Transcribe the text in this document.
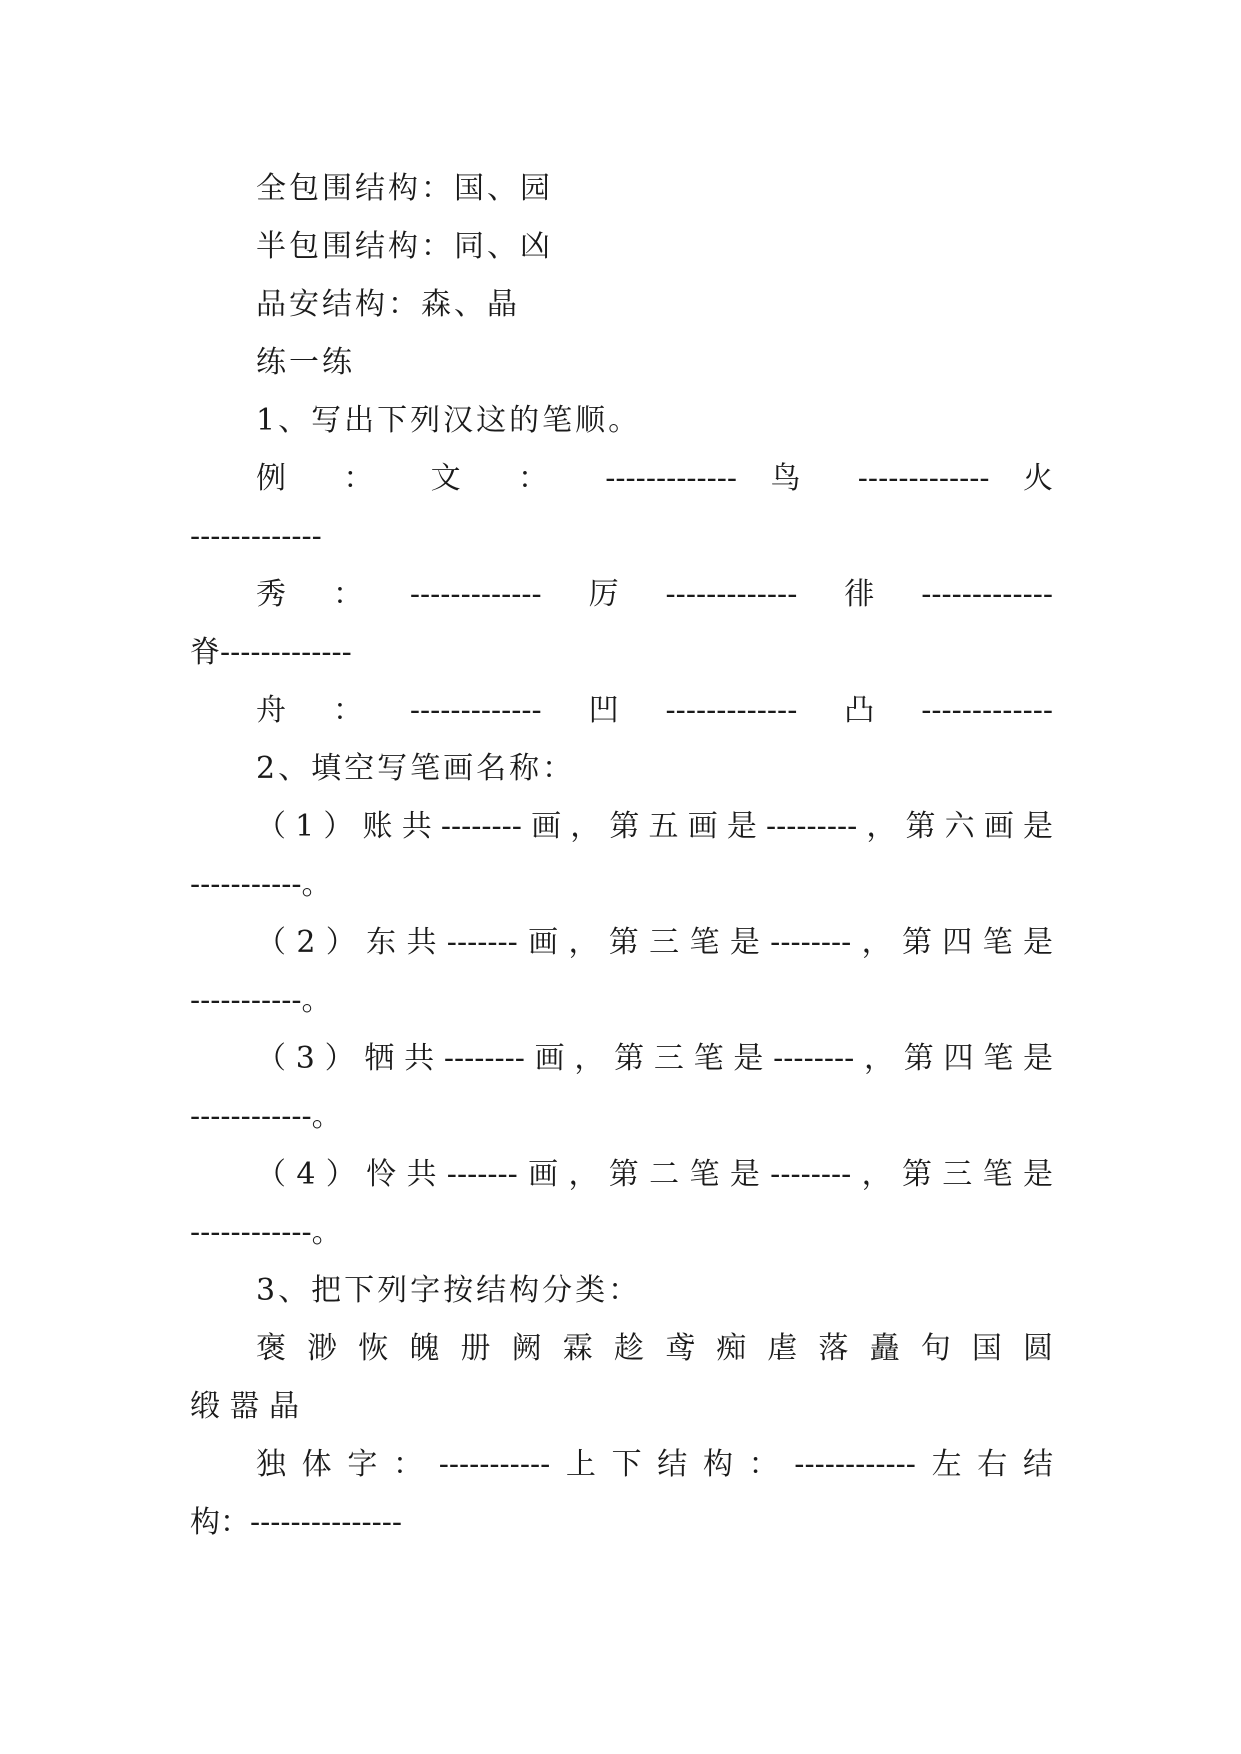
全包围结构：国、园
半包围结构：同、凶
品安结构：森、晶
练一练
1、写出下列汉这的笔顺。
例 ： 文 ： ------------- 鸟 ------------- 火
-------------
秀：-------------厉-------------徘-------------
脊-------------
舟：-------------凹-------------凸-------------
2、填空写笔画名称：
（1）账共--------画，第五画是---------，第六画是
-----------。
（2）东共-------画，第三笔是--------，第四笔是
-----------。
（3）牺共--------画，第三笔是--------，第四笔是
------------。
（4）怜共-------画，第二笔是--------，第三笔是
------------。
3、把下列字按结构分类：
褒 渺 恢 魄 册 阙 霖 趁 鸢 痴 虐 落 矗 句 国 圆
缎 嚣 晶
独体字：-----------上下结构：------------左右结
构：---------------
